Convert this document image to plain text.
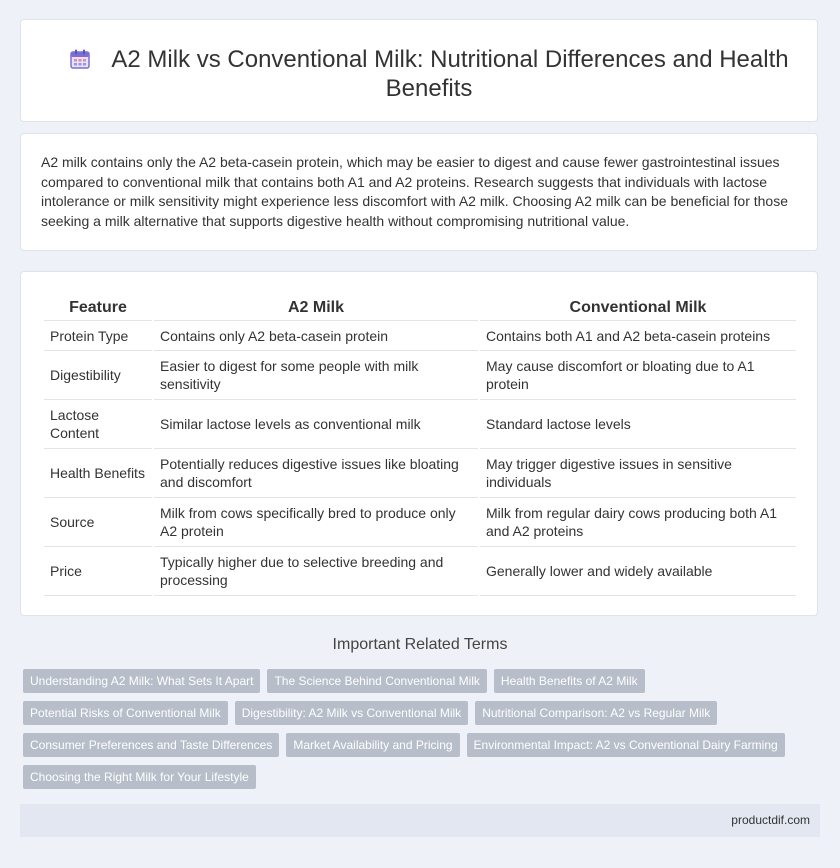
A2 Milk vs Conventional Milk: Nutritional Differences and Health Benefits
A2 milk contains only the A2 beta-casein protein, which may be easier to digest and cause fewer gastrointestinal issues compared to conventional milk that contains both A1 and A2 proteins. Research suggests that individuals with lactose intolerance or milk sensitivity might experience less discomfort with A2 milk. Choosing A2 milk can be beneficial for those seeking a milk alternative that supports digestive health without compromising nutritional value.
Feature	A2 Milk	Conventional Milk
Protein Type	Contains only A2 beta-casein protein	Contains both A1 and A2 beta-casein proteins
Digestibility	Easier to digest for some people with milk sensitivity	May cause discomfort or bloating due to A1 protein
Lactose Content	Similar lactose levels as conventional milk	Standard lactose levels
Health Benefits	Potentially reduces digestive issues like bloating and discomfort	May trigger digestive issues in sensitive individuals
Source	Milk from cows specifically bred to produce only A2 protein	Milk from regular dairy cows producing both A1 and A2 proteins
Price	Typically higher due to selective breeding and processing	Generally lower and widely available
Important Related Terms
Understanding A2 Milk: What Sets It Apart	The Science Behind Conventional Milk	Health Benefits of A2 Milk
Potential Risks of Conventional Milk	Digestibility: A2 Milk vs Conventional Milk	Nutritional Comparison: A2 vs Regular Milk
Consumer Preferences and Taste Differences	Market Availability and Pricing	Environmental Impact: A2 vs Conventional Dairy Farming
Choosing the Right Milk for Your Lifestyle
productdif.com
